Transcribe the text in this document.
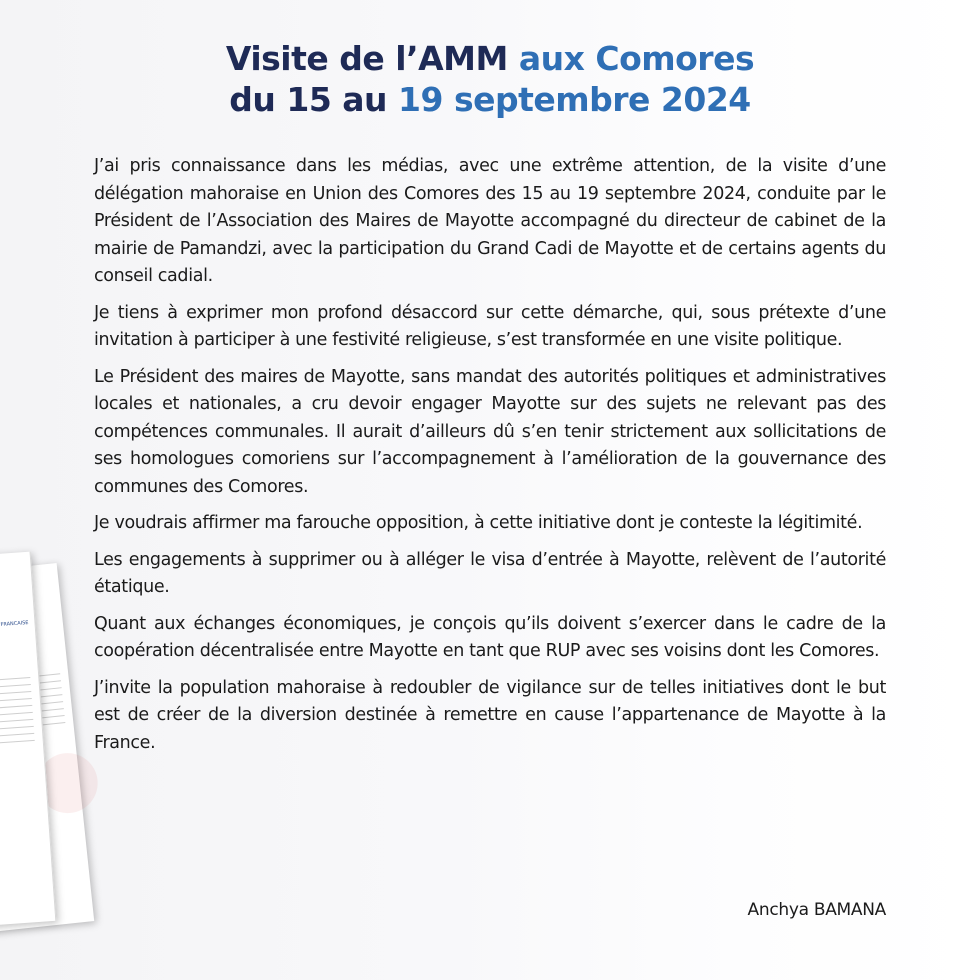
FRANCAISE
Visite de l’AMM aux Comores
du 15 au 19 septembre 2024

J’ai pris connaissance dans les médias, avec une extrême attention, de la visite d’une délégation mahoraise en Union des Comores des 15 au 19 septembre 2024, conduite par le Président de l’Association des Maires de Mayotte accompagné du directeur de cabinet de la mairie de Pamandzi, avec la participation du Grand Cadi de Mayotte et de certains agents du conseil cadial.

Je tiens à exprimer mon profond désaccord sur cette démarche, qui, sous prétexte d’une invitation à participer à une festivité religieuse, s’est transformée en une visite politique.

Le Président des maires de Mayotte, sans mandat des autorités politiques et administratives locales et nationales, a cru devoir engager Mayotte sur des sujets ne relevant pas des compétences communales. Il aurait d’ailleurs dû s’en tenir strictement aux sollicitations de ses homologues comoriens sur l’accompagnement à l’amélioration de la gouvernance des communes des Comores.

Je voudrais affirmer ma farouche opposition, à cette initiative dont je conteste la légitimité.

Les engagements à supprimer ou à alléger le visa d’entrée à Mayotte, relèvent de l’autorité étatique.

Quant aux échanges économiques, je conçois qu’ils doivent s’exercer dans le cadre de la coopération décentralisée entre Mayotte en tant que RUP avec ses voisins dont les Comores.

J’invite la population mahoraise à redoubler de vigilance sur de telles initiatives dont le but est de créer de la diversion destinée à remettre en cause l’appartenance de Mayotte à la France.

Anchya BAMANA
